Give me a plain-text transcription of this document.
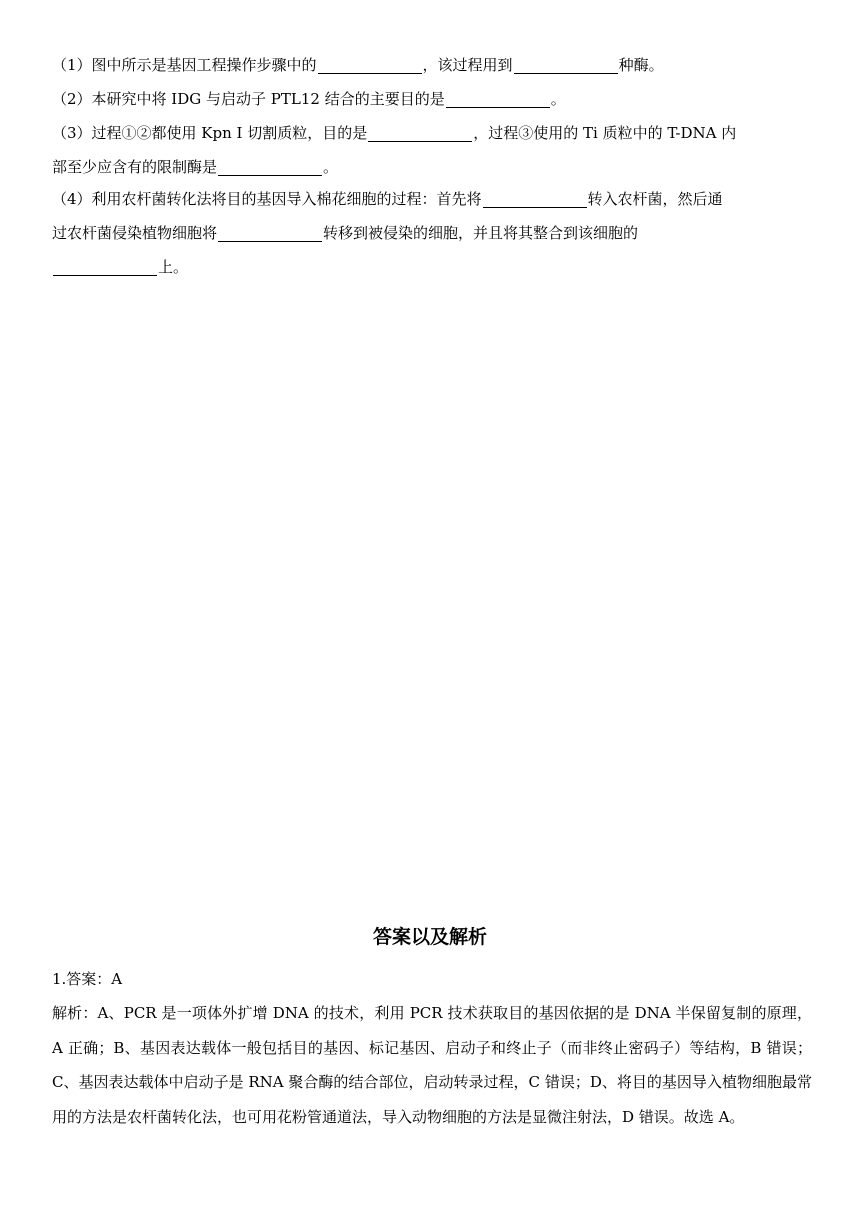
（1）图中所示是基因工程操作步骤中的	，该过程用到	种酶。

（2）本研究中将 IDG 与启动子 PTL12 结合的主要目的是	。

（3）过程①②都使用 Kpn Ⅰ 切割质粒，目的是	，过程③使用的 Ti 质粒中的 T-DNA 内

部至少应含有的限制酶是	。

（4）利用农杆菌转化法将目的基因导入棉花细胞的过程：首先将	转入农杆菌，然后通

过农杆菌侵染植物细胞将	转移到被侵染的细胞，并且将其整合到该细胞的

上。

答案以及解析

1.答案：A

解析：A、PCR 是一项体外扩增 DNA 的技术，利用 PCR 技术获取目的基因依据的是 DNA 半保留复制的原理，A 正确；B、基因表达载体一般包括目的基因、标记基因、启动子和终止子（而非终止密码子）等结构，B 错误；C、基因表达载体中启动子是 RNA 聚合酶的结合部位，启动转录过程，C 错误；D、将目的基因导入植物细胞最常用的方法是农杆菌转化法，也可用花粉管通道法，导入动物细胞的方法是显微注射法，D 错误。故选 A。
